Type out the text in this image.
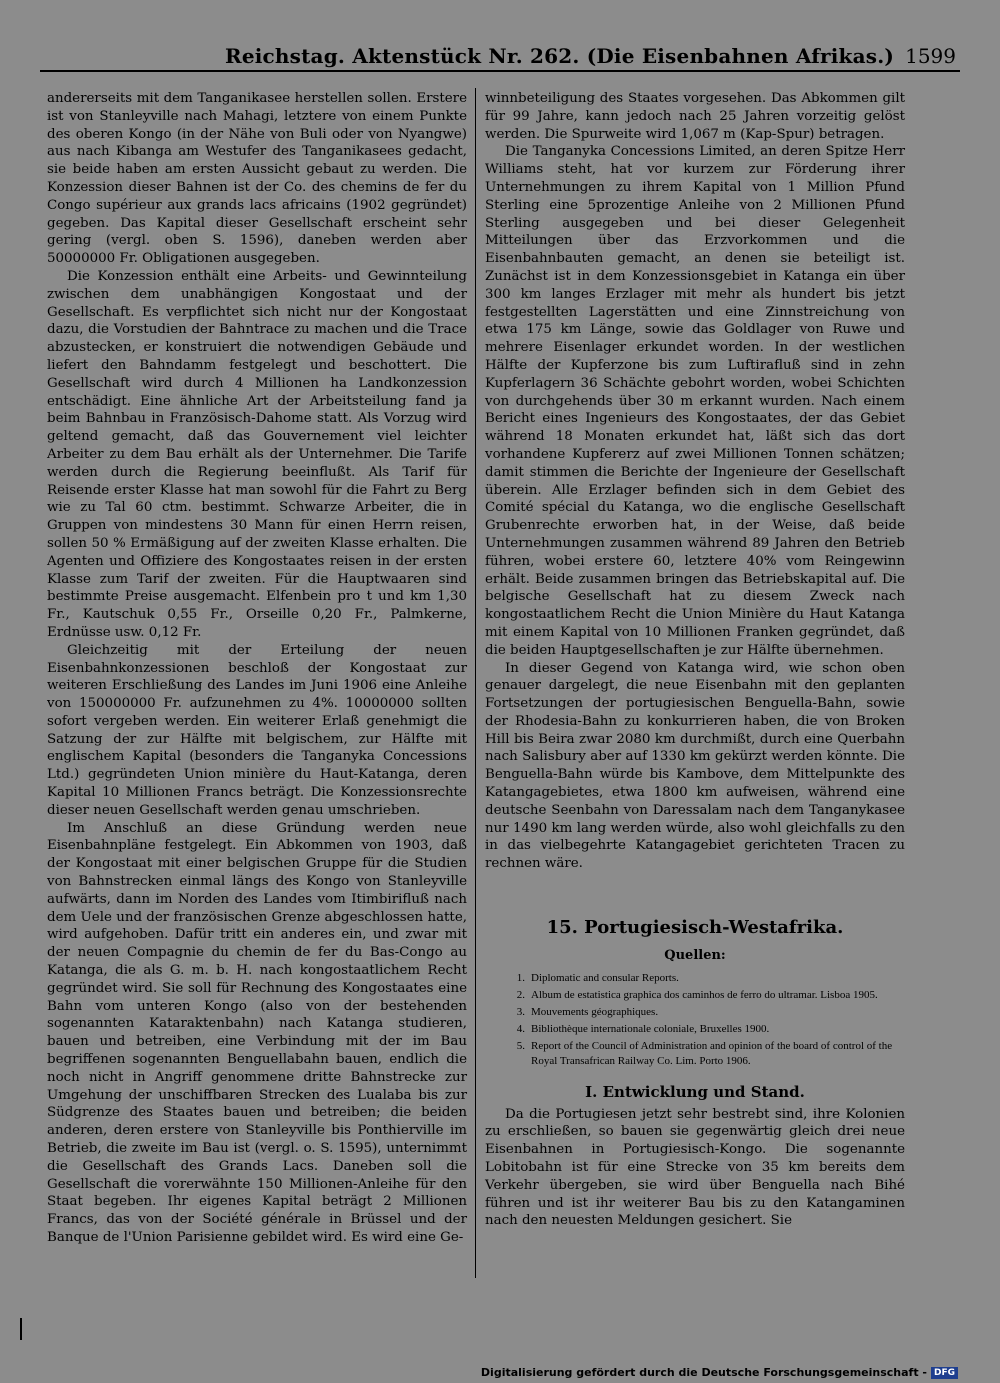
Reichstag. Aktenstück Nr. 262. (Die Eisenbahnen Afrikas.) 1599

andererseits mit dem Tanganikasee herstellen sollen. Erstere ist von Stanleyville nach Mahagi, letztere von einem Punkte des oberen Kongo (in der Nähe von Buli oder von Nyangwe) aus nach Kibanga am Westufer des Tanganikasees gedacht, sie beide haben am ersten Aussicht gebaut zu werden. Die Konzession dieser Bahnen ist der Co. des chemins de fer du Congo supérieur aux grands lacs africains (1902 gegründet) gegeben. Das Kapital dieser Gesellschaft erscheint sehr gering (vergl. oben S. 1596), daneben werden aber 50000000 Fr. Obligationen ausgegeben.

Die Konzession enthält eine Arbeits- und Gewinnteilung zwischen dem unabhängigen Kongostaat und der Gesellschaft. Es verpflichtet sich nicht nur der Kongostaat dazu, die Vorstudien der Bahntrace zu machen und die Trace abzustecken, er konstruiert die notwendigen Gebäude und liefert den Bahndamm festgelegt und beschottert. Die Gesellschaft wird durch 4 Millionen ha Landkonzession entschädigt. Eine ähnliche Art der Arbeitsteilung fand ja beim Bahnbau in Französisch-Dahome statt. Als Vorzug wird geltend gemacht, daß das Gouvernement viel leichter Arbeiter zu dem Bau erhält als der Unternehmer. Die Tarife werden durch die Regierung beeinflußt. Als Tarif für Reisende erster Klasse hat man sowohl für die Fahrt zu Berg wie zu Tal 60 ctm. bestimmt. Schwarze Arbeiter, die in Gruppen von mindestens 30 Mann für einen Herrn reisen, sollen 50 % Ermäßigung auf der zweiten Klasse erhalten. Die Agenten und Offiziere des Kongostaates reisen in der ersten Klasse zum Tarif der zweiten. Für die Hauptwaaren sind bestimmte Preise ausgemacht. Elfenbein pro t und km 1,30 Fr., Kautschuk 0,55 Fr., Orseille 0,20 Fr., Palmkerne, Erdnüsse usw. 0,12 Fr.

Gleichzeitig mit der Erteilung der neuen Eisenbahnkonzessionen beschloß der Kongostaat zur weiteren Erschließung des Landes im Juni 1906 eine Anleihe von 150000000 Fr. aufzunehmen zu 4%. 10000000 sollten sofort vergeben werden. Ein weiterer Erlaß genehmigt die Satzung der zur Hälfte mit belgischem, zur Hälfte mit englischem Kapital (besonders die Tanganyka Concessions Ltd.) gegründeten Union minière du Haut-Katanga, deren Kapital 10 Millionen Francs beträgt. Die Konzessionsrechte dieser neuen Gesellschaft werden genau umschrieben.

Im Anschluß an diese Gründung werden neue Eisenbahnpläne festgelegt. Ein Abkommen von 1903, daß der Kongostaat mit einer belgischen Gruppe für die Studien von Bahnstrecken einmal längs des Kongo von Stanleyville aufwärts, dann im Norden des Landes vom Itimbirifluß nach dem Uele und der französischen Grenze abgeschlossen hatte, wird aufgehoben. Dafür tritt ein anderes ein, und zwar mit der neuen Compagnie du chemin de fer du Bas-Congo au Katanga, die als G. m. b. H. nach kongostaatlichem Recht gegründet wird. Sie soll für Rechnung des Kongostaates eine Bahn vom unteren Kongo (also von der bestehenden sogenannten Kataraktenbahn) nach Katanga studieren, bauen und betreiben, eine Verbindung mit der im Bau begriffenen sogenannten Benguellabahn bauen, endlich die noch nicht in Angriff genommene dritte Bahnstrecke zur Umgehung der unschiffbaren Strecken des Lualaba bis zur Südgrenze des Staates bauen und betreiben; die beiden anderen, deren erstere von Stanleyville bis Ponthierville im Betrieb, die zweite im Bau ist (vergl. o. S. 1595), unternimmt die Gesellschaft des Grands Lacs. Daneben soll die Gesellschaft die vorerwähnte 150 Millionen-Anleihe für den Staat begeben. Ihr eigenes Kapital beträgt 2 Millionen Francs, das von der Société générale in Brüssel und der Banque de l'Union Parisienne gebildet wird. Es wird eine Ge-

winnbeteiligung des Staates vorgesehen. Das Abkommen gilt für 99 Jahre, kann jedoch nach 25 Jahren vorzeitig gelöst werden. Die Spurweite wird 1,067 m (Kap-Spur) betragen.

Die Tanganyka Concessions Limited, an deren Spitze Herr Williams steht, hat vor kurzem zur Förderung ihrer Unternehmungen zu ihrem Kapital von 1 Million Pfund Sterling eine 5prozentige Anleihe von 2 Millionen Pfund Sterling ausgegeben und bei dieser Gelegenheit Mitteilungen über das Erzvorkommen und die Eisenbahnbauten gemacht, an denen sie beteiligt ist. Zunächst ist in dem Konzessionsgebiet in Katanga ein über 300 km langes Erzlager mit mehr als hundert bis jetzt festgestellten Lagerstätten und eine Zinnstreichung von etwa 175 km Länge, sowie das Goldlager von Ruwe und mehrere Eisenlager erkundet worden. In der westlichen Hälfte der Kupferzone bis zum Luftirafluß sind in zehn Kupferlagern 36 Schächte gebohrt worden, wobei Schichten von durchgehends über 30 m erkannt wurden. Nach einem Bericht eines Ingenieurs des Kongostaates, der das Gebiet während 18 Monaten erkundet hat, läßt sich das dort vorhandene Kupfererz auf zwei Millionen Tonnen schätzen; damit stimmen die Berichte der Ingenieure der Gesellschaft überein. Alle Erzlager befinden sich in dem Gebiet des Comité spécial du Katanga, wo die englische Gesellschaft Grubenrechte erworben hat, in der Weise, daß beide Unternehmungen zusammen während 89 Jahren den Betrieb führen, wobei erstere 60, letztere 40% vom Reingewinn erhält. Beide zusammen bringen das Betriebskapital auf. Die belgische Gesellschaft hat zu diesem Zweck nach kongostaatlichem Recht die Union Minière du Haut Katanga mit einem Kapital von 10 Millionen Franken gegründet, daß die beiden Hauptgesellschaften je zur Hälfte übernehmen.

In dieser Gegend von Katanga wird, wie schon oben genauer dargelegt, die neue Eisenbahn mit den geplanten Fortsetzungen der portugiesischen Benguella-Bahn, sowie der Rhodesia-Bahn zu konkurrieren haben, die von Broken Hill bis Beira zwar 2080 km durchmißt, durch eine Querbahn nach Salisbury aber auf 1330 km gekürzt werden könnte. Die Benguella-Bahn würde bis Kambove, dem Mittelpunkte des Katangagebietes, etwa 1800 km aufweisen, während eine deutsche Seenbahn von Daressalam nach dem Tanganykasee nur 1490 km lang werden würde, also wohl gleichfalls zu den in das vielbegehrte Katangagebiet gerichteten Tracen zu rechnen wäre.

15. Portugiesisch-Westafrika.
Quellen:
1. Diplomatic and consular Reports.
2. Album de estatistica graphica dos caminhos de ferro do ultramar. Lisboa 1905.
3. Mouvements géographiques.
4. Bibliothèque internationale coloniale, Bruxelles 1900.
5. Report of the Council of Administration and opinion of the board of control of the Royal Transafrican Railway Co. Lim. Porto 1906.
I. Entwicklung und Stand.

Da die Portugiesen jetzt sehr bestrebt sind, ihre Kolonien zu erschließen, so bauen sie gegenwärtig gleich drei neue Eisenbahnen in Portugiesisch-Kongo. Die sogenannte Lobitobahn ist für eine Strecke von 35 km bereits dem Verkehr übergeben, sie wird über Benguella nach Bihé führen und ist ihr weiterer Bau bis zu den Katangaminen nach den neuesten Meldungen gesichert. Sie

Digitalisierung gefördert durch die Deutsche Forschungsgemeinschaft - DFG
